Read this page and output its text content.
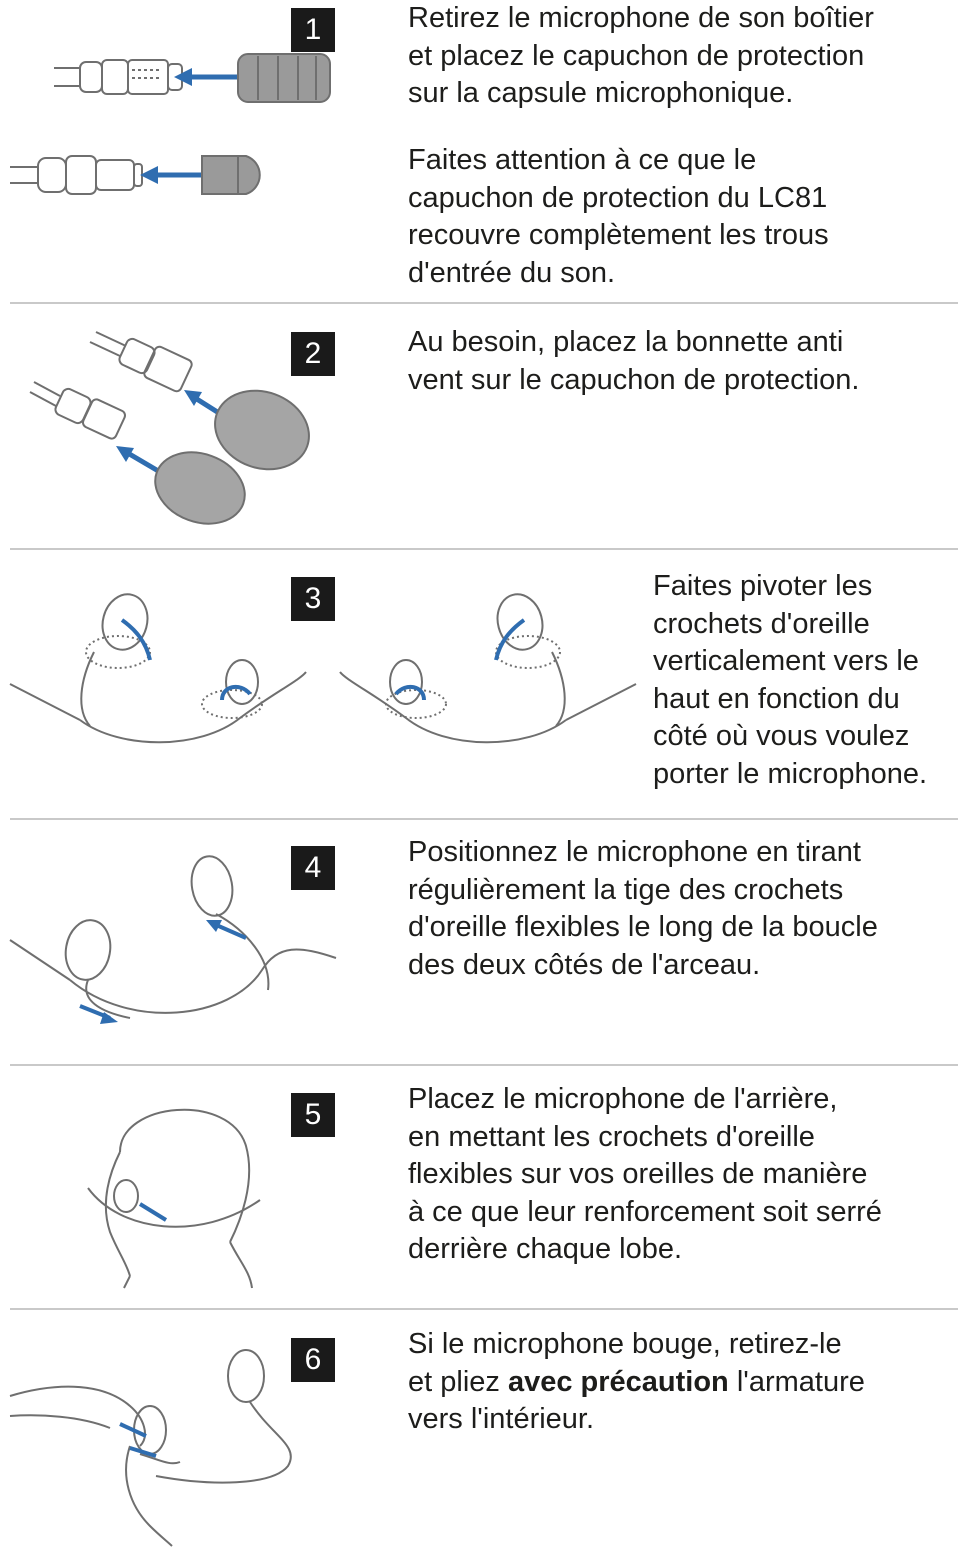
1	Retirez le microphone de son boîtier
et placez le capuchon de protection
sur la capsule microphonique.

Faites attention à ce que le
capuchon de protection du LC81
recouvre complètement les trous
d'entrée du son.

2	Au besoin, placez la bonnette anti
vent sur le capuchon de protection.

3	Faites pivoter les
crochets d'oreille
verticalement vers le
haut en fonction du
côté où vous voulez
porter le microphone.

4	Positionnez le microphone en tirant
régulièrement la tige des crochets
d'oreille flexibles le long de la boucle
des deux côtés de l'arceau.

5	Placez le microphone de l'arrière,
en mettant les crochets d'oreille
flexibles sur vos oreilles de manière
à ce que leur renforcement soit serré
derrière chaque lobe.

6	Si le microphone bouge, retirez-le
et pliez avec précaution l'armature
vers l'intérieur.
